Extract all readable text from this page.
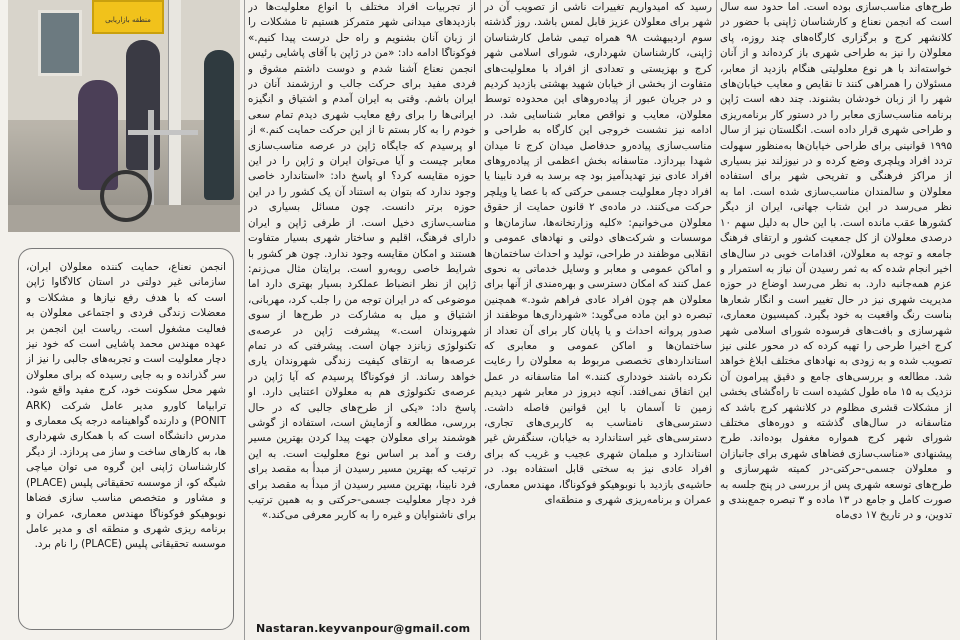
منطقه بازاریابی

طرح‌های مناسب‌سازی بوده است. اما حدود سه سال است که انجمن نعناع و کارشناسان ژاپنی با حضور در کلانشهر کرج و برگزاری کارگاه‌های چند روزه، پای معلولان را نیز به طراحی شهری باز کرده‌اند و از آنان خواسته‌اند با هر نوع معلولیتی هنگام بازدید از معابر، مسئولان را همراهی کنند تا نقایص و معایب خیابان‌های شهر را از زبان خودشان بشنوند. چند دهه است ژاپن برنامه مناسب‌سازی معابر را در دستور کار برنامه‌ریزی و طراحی شهری قرار داده است. انگلستان نیز از سال ۱۹۹۵ قوانینی برای طراحی خیابان‌ها به‌منظور سهولت تردد افراد ویلچری وضع کرده و در نیوزلند نیز بسیاری از مراکز فرهنگی و تفریحی شهر برای استفاده معلولان و سالمندان مناسب‌سازی شده است. اما به نظر می‌رسد در این شتاب جهانی، ایران از دیگر کشورها عقب مانده است. با این حال به دلیل سهم ۱۰ درصدی معلولان از کل جمعیت کشور و ارتقای فرهنگ جامعه و توجه به معلولان، اقدامات خوبی در سال‌های اخیر انجام شده که به ثمر رسیدن آن نیاز به استمرار و عزم همه‌جانبه دارد. به نظر می‌رسد اوضاع در حوزه مدیریت شهری نیز در حال تغییر است و انگار شعارها بناست رنگ واقعیت به خود بگیرد. کمیسیون معماری، شهرسازی و بافت‌های فرسوده شورای اسلامی شهر کرج اخیرا طرحی را تهیه کرده که در محور علنی نیز تصویب شده و به زودی به نهادهای مختلف ابلاغ خواهد شد. مطالعه و بررسی‌های جامع و دقیق پیرامون آن نزدیک به ۱۵ ماه طول کشیده است تا راه‌گشای بخشی از مشکلات قشری مظلوم در کلانشهر کرج باشد که متاسفانه در سال‌های گذشته و دوره‌های مختلف شورای شهر کرج همواره مغفول بوده‌اند. طرح پیشنهادی «مناسب‌سازی فضاهای شهری برای جانبازان و معلولان جسمی-حرکتی-در کمیته شهرسازی و طرح‌های توسعه شهری پس از بررسی در پنج جلسه به صورت کامل و جامع در ۱۳ ماده و ۳ تبصره جمع‌بندی و تدوین، و در تاریخ ۱۷ دی‌ماه

رسید که امیدواریم تغییرات ناشی از تصویب آن در شهر برای معلولان عزیز قابل لمس باشد. روز گذشته سوم اردیبهشت ۹۸ همراه تیمی شامل کارشناسان ژاپنی، کارشناسان شهرداری، شورای اسلامی شهر کرج و بهزیستی و تعدادی از افراد با معلولیت‌های متفاوت از بخشی از خیابان شهید بهشتی بازدید کردیم و در جریان عبور از پیاده‌روهای این محدوده توسط معلولان، معایب و نواقص معابر شناسایی شد. در ادامه نیز نشست خروجی این کارگاه به طراحی و مناسب‌سازی پیاده‌رو حدفاصل میدان کرج تا میدان شهدا بپردازد. متاسفانه بخش اعظمی از پیاده‌روهای افراد عادی نیز تهدیدآمیز بود چه برسد به فرد نابینا یا افراد دچار معلولیت جسمی حرکتی که با عصا یا ویلچر حرکت می‌کنند. در ماده‌ی ۲ قانون حمایت از حقوق معلولان می‌خوانیم: «کلیه وزارتخانه‌ها، سازمان‌ها و موسسات و شرکت‌های دولتی و نهادهای عمومی و انقلابی موظفند در طراحی، تولید و احداث ساختمان‌ها و اماکن عمومی و معابر و وسایل خدماتی به نحوی عمل کنند که امکان دسترسی و بهره‌مندی از آنها برای معلولان هم چون افراد عادی فراهم شود.» همچنین تبصره دو این ماده می‌گوید: «شهرداری‌ها موظفند از صدور پروانه احداث و یا پایان کار برای آن تعداد از ساختمان‌ها و اماکن عمومی و معابری که استانداردهای تخصصی مربوط به معلولان را رعایت نکرده باشند خودداری کنند.» اما متاسفانه در عمل این اتفاق نمی‌افتد. آنچه دیروز در معابر شهر دیدیم زمین تا آسمان با این قوانین فاصله داشت. دسترسی‌های نامناسب به کاربری‌های تجاری، دسترسی‌های غیر استاندارد به خیابان، سنگفرش غیر استاندارد و مبلمان شهری عجیب و غریب که برای افراد عادی نیز به سختی قابل استفاده بود. در حاشیه‌ی بازدید با نوبوهیکو فوکوناگا، مهندس معماری، عمران و برنامه‌ریزی شهری و منطقه‌ای

از تجربیات افراد مختلف با انواع معلولیت‌ها در بازدیدهای میدانی شهر متمرکز هستیم تا مشکلات را از زبان آنان بشنویم و راه حل درست پیدا کنیم.» فوکوناگا ادامه داد: «من در ژاپن با آقای پاشایی رئیس انجمن نعناع آشنا شدم و دوست داشتم مشوق و فردی مفید برای حرکت جالب و ارزشمند آنان در ایران باشم. وقتی به ایران آمدم و اشتیاق و انگیزه ایرانی‌ها را برای رفع معایب شهری دیدم تمام سعی خودم را به کار بستم تا از این حرکت حمایت کنم.» از او پرسیدم که جایگاه ژاپن در عرصه مناسب‌سازی معابر چیست و آیا می‌توان ایران و ژاپن را در این حوزه مقایسه کرد؟ او پاسخ داد: «استاندارد خاصی وجود ندارد که بتوان به استناد آن یک کشور را در این حوزه برتر دانست. چون مسائل بسیاری در مناسب‌سازی دخیل است. از طرفی ژاپن و ایران دارای فرهنگ، اقلیم و ساختار شهری بسیار متفاوت هستند و امکان مقایسه وجود ندارد. چون هر کشور با شرایط خاصی روبه‌رو است. برایتان مثال می‌زنم: ژاپن از نظر انضباط عملکرد بسیار بهتری دارد اما موضوعی که در ایران توجه من را جلب کرد، مهربانی، اشتیاق و میل به مشارکت در طرح‌ها از سوی شهروندان است.» پیشرفت ژاپن در عرصه‌ی تکنولوژی زبانزد جهان است. پیشرفتی که در تمام عرصه‌ها به ارتقای کیفیت زندگی شهروندان یاری خواهد رساند. از فوکوناگا پرسیدم که آیا ژاپن در عرصه‌ی تکنولوژی هم به معلولان اعتنایی دارد. او پاسخ داد: «یکی از طرح‌های جالبی که در حال بررسی، مطالعه و آزمایش است، استفاده از گوشی هوشمند برای معلولان جهت پیدا کردن بهترین مسیر رفت و آمد بر اساس نوع معلولیت است. به این ترتیب که بهترین مسیر رسیدن از مبدأ به مقصد برای فرد نابینا، بهترین مسیر رسیدن از مبدأ به مقصد برای فرد دچار معلولیت جسمی-حرکتی و به همین ترتیب برای ناشنوایان و غیره را به کاربر معرفی می‌کند.»

انجمن نعناع، حمایت کننده معلولان ایران، سازمانی غیر دولتی در استان کالاگاوا ژاپن است که با هدف رفع نیازها و مشکلات و معضلات زندگی فردی و اجتماعی معلولان به فعالیت مشغول است. ریاست این انجمن بر عهده مهندس محمد پاشایی است که خود نیز دچار معلولیت است و تجربه‌های جالبی را نیز از سر گذرانده و به جایی رسیده که برای معلولان شهر محل سکونت خود، کرج مفید واقع شود. ترابیاما کاورو مدیر عامل شرکت (ARK PONIT) و دارنده گواهینامه درجه یک معماری و مدرس دانشگاه است که با همکاری شهرداری ها، به کارهای ساخت و ساز می پردازد. از دیگر کارشناسان ژاپنی این گروه می توان میاچی شیگه کو، از موسسه تحقیقاتی پلیس (PLACE) و مشاور و متخصص مناسب سازی فضاها نوبوهیکو فوکوناگا مهندس معماری، عمران و برنامه ریزی شهری و منطقه ای و مدیر عامل موسسه تحقیقاتی پلیس (PLACE) را نام برد.

Nastaran.keyvanpour@gmail.com
